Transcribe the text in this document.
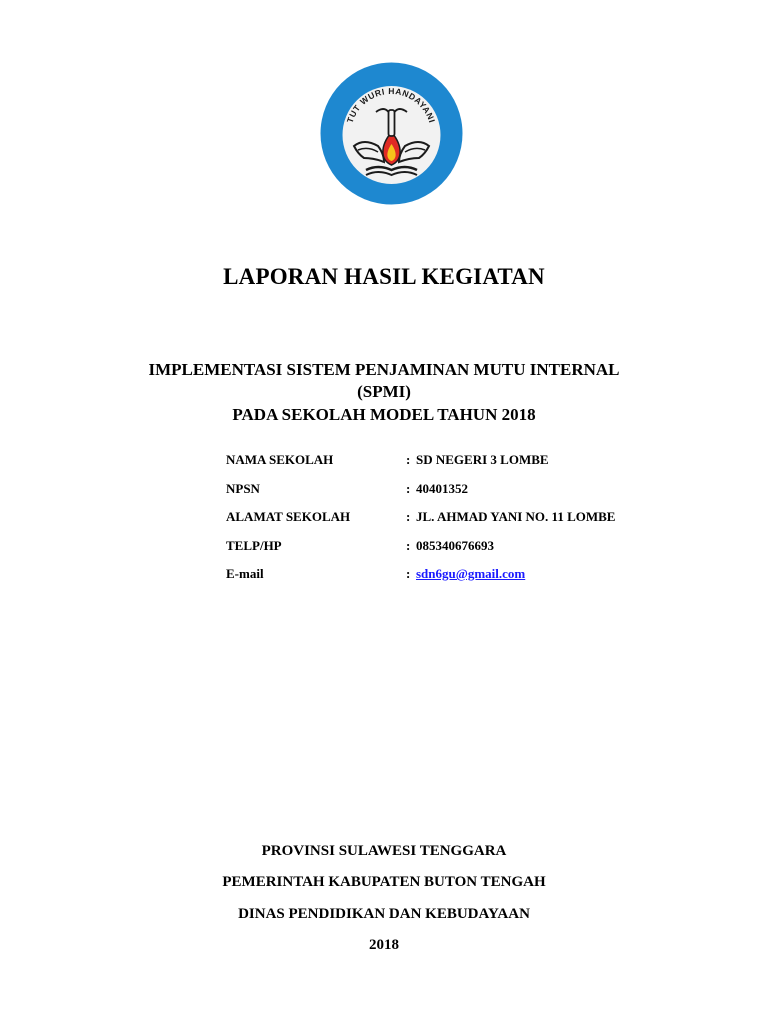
TUT WURI HANDAYANI
LAPORAN HASIL KEGIATAN
IMPLEMENTASI SISTEM PENJAMINAN MUTU INTERNAL
(SPMI)
PADA SEKOLAH MODEL TAHUN 2018
NAMA SEKOLAH	: SD NEGERI 3 LOMBE
NPSN	: 40401352
ALAMAT SEKOLAH	: JL. AHMAD YANI NO. 11 LOMBE
TELP/HP	: 085340676693
E-mail	: sdn6gu@gmail.com
PROVINSI SULAWESI TENGGARA
PEMERINTAH KABUPATEN BUTON TENGAH
DINAS PENDIDIKAN DAN KEBUDAYAAN
2018
